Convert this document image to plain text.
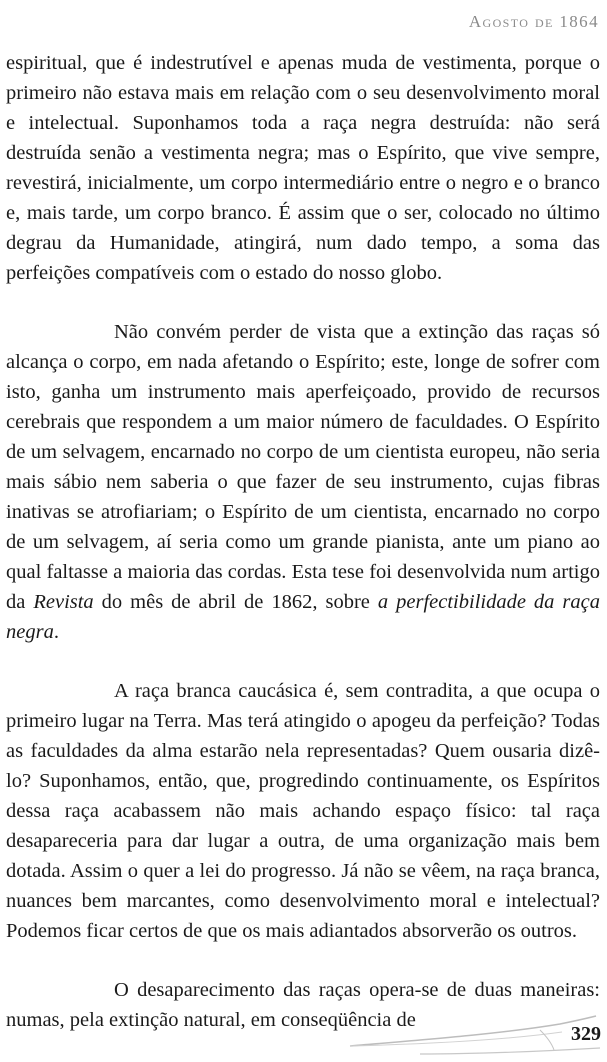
Agosto de 1864

espiritual, que é indestrutível e apenas muda de vestimenta, porque o primeiro não estava mais em relação com o seu desenvolvimento moral e intelectual. Suponhamos toda a raça negra destruída: não será destruída senão a vestimenta negra; mas o Espírito, que vive sempre, revestirá, inicialmente, um corpo intermediário entre o negro e o branco e, mais tarde, um corpo branco. É assim que o ser, colocado no último degrau da Humanidade, atingirá, num dado tempo, a soma das perfeições compatíveis com o estado do nosso globo.

Não convém perder de vista que a extinção das raças só alcança o corpo, em nada afetando o Espírito; este, longe de sofrer com isto, ganha um instrumento mais aperfeiçoado, provido de recursos cerebrais que respondem a um maior número de faculdades. O Espírito de um selvagem, encarnado no corpo de um cientista europeu, não seria mais sábio nem saberia o que fazer de seu instrumento, cujas fibras inativas se atrofiariam; o Espírito de um cientista, encarnado no corpo de um selvagem, aí seria como um grande pianista, ante um piano ao qual faltasse a maioria das cordas. Esta tese foi desenvolvida num artigo da Revista do mês de abril de 1862, sobre a perfectibilidade da raça negra.

A raça branca caucásica é, sem contradita, a que ocupa o primeiro lugar na Terra. Mas terá atingido o apogeu da perfeição? Todas as faculdades da alma estarão nela representadas? Quem ousaria dizê-lo? Suponhamos, então, que, progredindo continuamente, os Espíritos dessa raça acabassem não mais achando espaço físico: tal raça desapareceria para dar lugar a outra, de uma organização mais bem dotada. Assim o quer a lei do progresso. Já não se vêem, na raça branca, nuances bem marcantes, como desenvolvimento moral e intelectual? Podemos ficar certos de que os mais adiantados absorverão os outros.

O desaparecimento das raças opera-se de duas maneiras: numas, pela extinção natural, em conseqüência de

329
